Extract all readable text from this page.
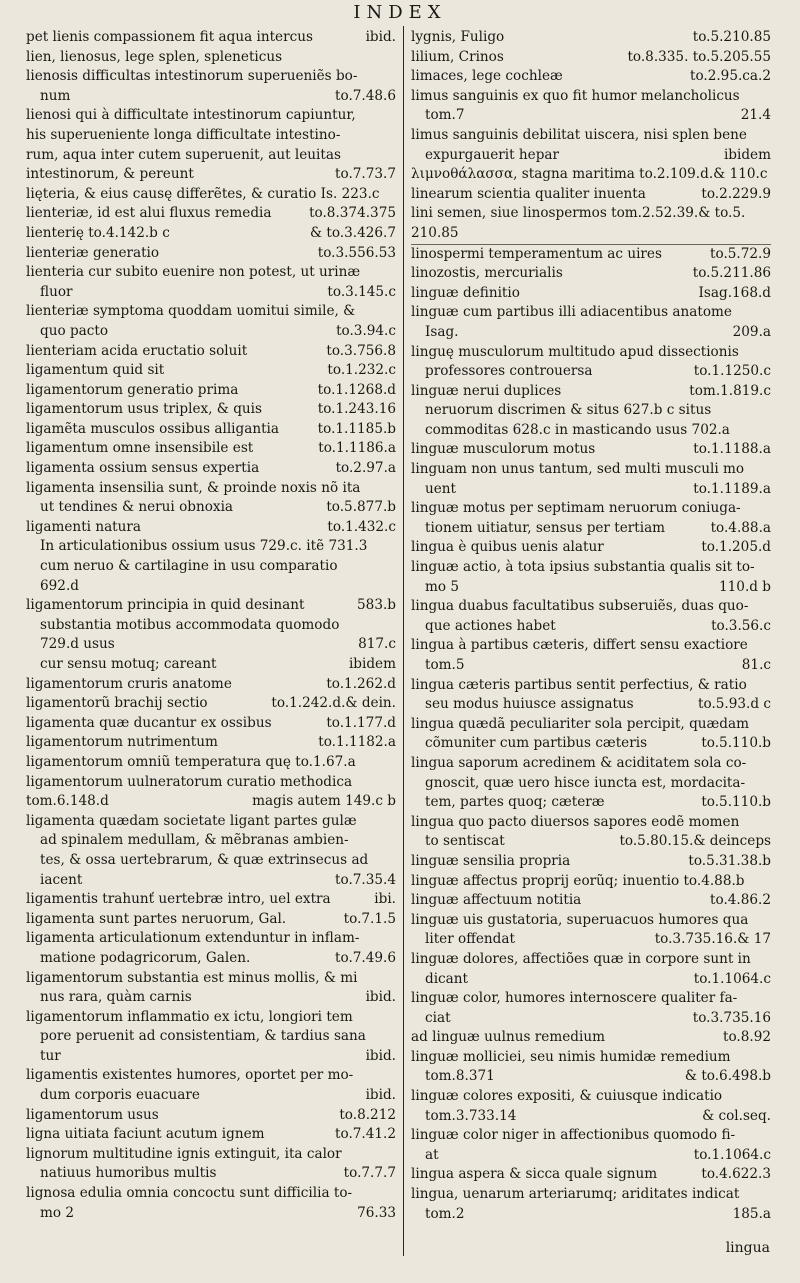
INDEX
pet lienis compassionem fit aqua intercus	ibid.
lien, lienosus, lege splen, spleneticus
lienosis difficultas intestinorum superueniẽs bo-
num	to.7.48.6
lienosi qui à difficultate intestinorum capiuntur,
his superueniente longa difficultate intestino-
rum, aqua inter cutem superuenit, aut leuitas
intestinorum, & pereunt	to.7.73.7
lięteria, & eius causę differẽtes, & curatio Is. 223.c
lienteriæ, id est alui fluxus remedia	to.8.374.375
lienterię to.4.142.b c	& to.3.426.7
lienteriæ generatio	to.3.556.53
lienteria cur subito euenire non potest, ut urinæ
fluor	to.3.145.c
lienteriæ symptoma quoddam uomitui simile, &
quo pacto	to.3.94.c
lienteriam acida eructatio soluit	to.3.756.8
ligamentum quid sit	to.1.232.c
ligamentorum generatio prima	to.1.1268.d
ligamentorum usus triplex, & quis	to.1.243.16
ligamẽta musculos ossibus alligantia	to.1.1185.b
ligamentum omne insensibile est	to.1.1186.a
ligamenta ossium sensus expertia	to.2.97.a
ligamenta insensilia sunt, & proinde noxis nõ ita
ut tendines & nerui obnoxia	to.5.877.b
ligamenti natura	to.1.432.c
In articulationibus ossium usus 729.c. itẽ 731.3
cum neruo & cartilagine in usu comparatio
692.d
ligamentorum principia in quid desinant	583.b
substantia motibus accommodata quomodo
729.d usus	817.c
cur sensu motuq; careant	ibidem
ligamentorum cruris anatome	to.1.262.d
ligamentorũ brachij sectio	to.1.242.d.& dein.
ligamenta quæ ducantur ex ossibus	to.1.177.d
ligamentorum nutrimentum	to.1.1182.a
ligamentorum omniũ temperatura quę to.1.67.a
ligamentorum uulneratorum curatio methodica
tom.6.148.d	magis autem 149.c b
ligamenta quædam societate ligant partes gulæ
ad spinalem medullam, & mẽbranas ambien-
tes, & ossa uertebrarum, & quæ extrinsecus ad
iacent	to.7.35.4
ligamentis trahunť uertebræ intro, uel extra	ibi.
ligamenta sunt partes neruorum, Gal.	to.7.1.5
ligamenta articulationum extenduntur in inflam-
matione podagricorum, Galen.	to.7.49.6
ligamentorum substantia est minus mollis, & mi
nus rara, quàm carnis	ibid.
ligamentorum inflammatio ex ictu, longiori tem
pore peruenit ad consistentiam, & tardius sana
tur	ibid.
ligamentis existentes humores, oportet per mo-
dum corporis euacuare	ibid.
ligamentorum usus	to.8.212
ligna uitiata faciunt acutum ignem	to.7.41.2
lignorum multitudine ignis extinguit, ita calor
natiuus humoribus multis	to.7.7.7
lignosa edulia omnia concoctu sunt difficilia to-
mo 2	76.33
lygnis, Fuligo	to.5.210.85
lilium, Crinos	to.8.335. to.5.205.55
limaces, lege cochleæ	to.2.95.ca.2
limus sanguinis ex quo fit humor melancholicus
tom.7	21.4
limus sanguinis debilitat uiscera, nisi splen bene
expurgauerit hepar	ibidem
λιμνοθάλασσα, stagna maritima to.2.109.d.& 110.c
linearum scientia qualiter inuenta	to.2.229.9
lini semen, siue linospermos tom.2.52.39.& to.5.
210.85
linospermi temperamentum ac uires	to.5.72.9
linozostis, mercurialis	to.5.211.86
linguæ definitio	Isag.168.d
linguæ cum partibus illi adiacentibus anatome
Isag.	209.a
linguę musculorum multitudo apud dissectionis
professores controuersa	to.1.1250.c
linguæ nerui duplices	tom.1.819.c
neruorum discrimen & situs 627.b c situs
commoditas 628.c in masticando usus 702.a
linguæ musculorum motus	to.1.1188.a
linguam non unus tantum, sed multi musculi mo
uent	to.1.1189.a
linguæ motus per septimam neruorum coniuga-
tionem uitiatur, sensus per tertiam	to.4.88.a
lingua è quibus uenis alatur	to.1.205.d
linguæ actio, à tota ipsius substantia qualis sit to-
mo 5	110.d b
lingua duabus facultatibus subseruiẽs, duas quo-
que actiones habet	to.3.56.c
lingua à partibus cæteris, differt sensu exactiore
tom.5	81.c
lingua cæteris partibus sentit perfectius, & ratio
seu modus huiusce assignatus	to.5.93.d c
lingua quædã peculiariter sola percipit, quædam
cõmuniter cum partibus cæteris	to.5.110.b
lingua saporum acredinem & aciditatem sola co-
gnoscit, quæ uero hisce iuncta est, mordacita-
tem, partes quoq; cæteræ	to.5.110.b
lingua quo pacto diuersos sapores eodẽ momen
to sentiscat	to.5.80.15.& deinceps
linguæ sensilia propria	to.5.31.38.b
linguæ affectus proprij eorũq; inuentio to.4.88.b
linguæ affectuum notitia	to.4.86.2
linguæ uis gustatoria, superuacuos humores qua
liter offendat	to.3.735.16.& 17
linguæ dolores, affectiões quæ in corpore sunt in
dicant	to.1.1064.c
linguæ color, humores internoscere qualiter fa-
ciat	to.3.735.16
ad linguæ uulnus remedium	to.8.92
linguæ molliciei, seu nimis humidæ remedium
tom.8.371	& to.6.498.b
linguæ colores expositi, & cuiusque indicatio
tom.3.733.14	& col.seq.
linguæ color niger in affectionibus quomodo fi-
at	to.1.1064.c
lingua aspera & sicca quale signum	to.4.622.3
lingua, uenarum arteriarumq; ariditates indicat
tom.2	185.a
lingua
